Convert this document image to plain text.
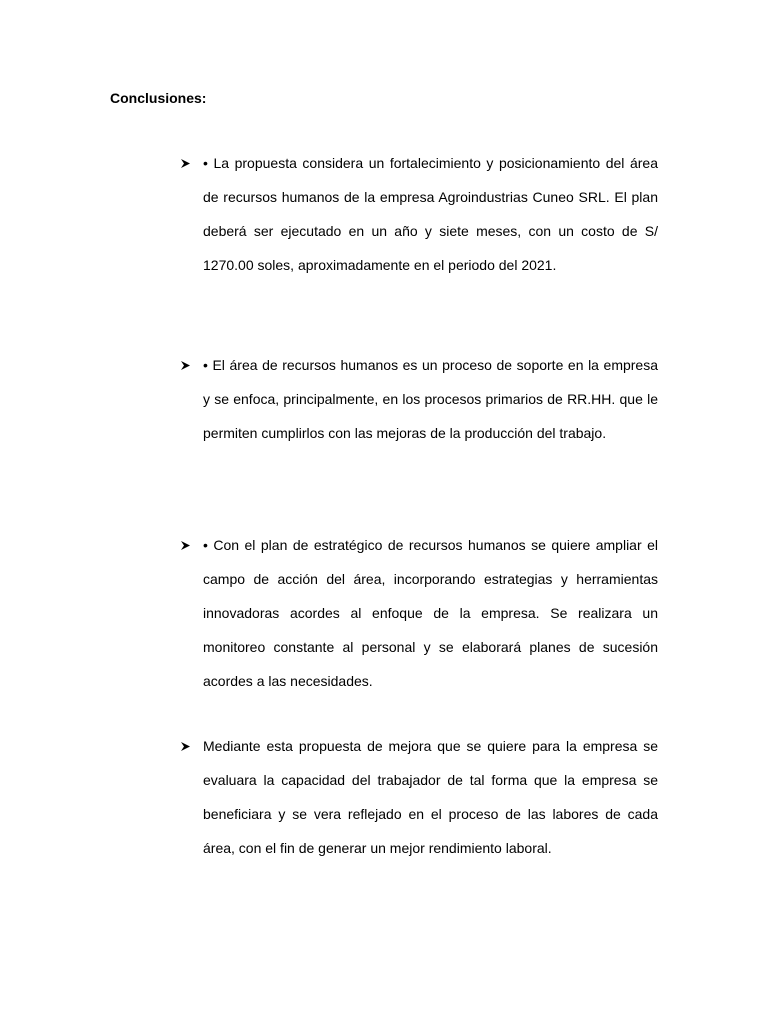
Conclusiones:

• La propuesta considera un fortalecimiento y posicionamiento del área de recursos humanos de la empresa Agroindustrias Cuneo SRL. El plan deberá ser ejecutado en un año y siete meses, con un costo de S/ 1270.00 soles, aproximadamente en el periodo del 2021.

• El área de recursos humanos es un proceso de soporte en la empresa y se enfoca, principalmente, en los procesos primarios de RR.HH. que le permiten cumplirlos con las mejoras de la producción del trabajo.

• Con el plan de estratégico de recursos humanos se quiere ampliar el campo de acción del área, incorporando estrategias y herramientas innovadoras acordes al enfoque de la empresa. Se realizara un monitoreo constante al personal y se elaborará planes de sucesión acordes a las necesidades.

Mediante esta propuesta de mejora que se quiere para la empresa se evaluara la capacidad del trabajador de tal forma que la empresa se beneficiara y se vera reflejado en el proceso de las labores de cada área, con el fin de generar un mejor rendimiento laboral.
